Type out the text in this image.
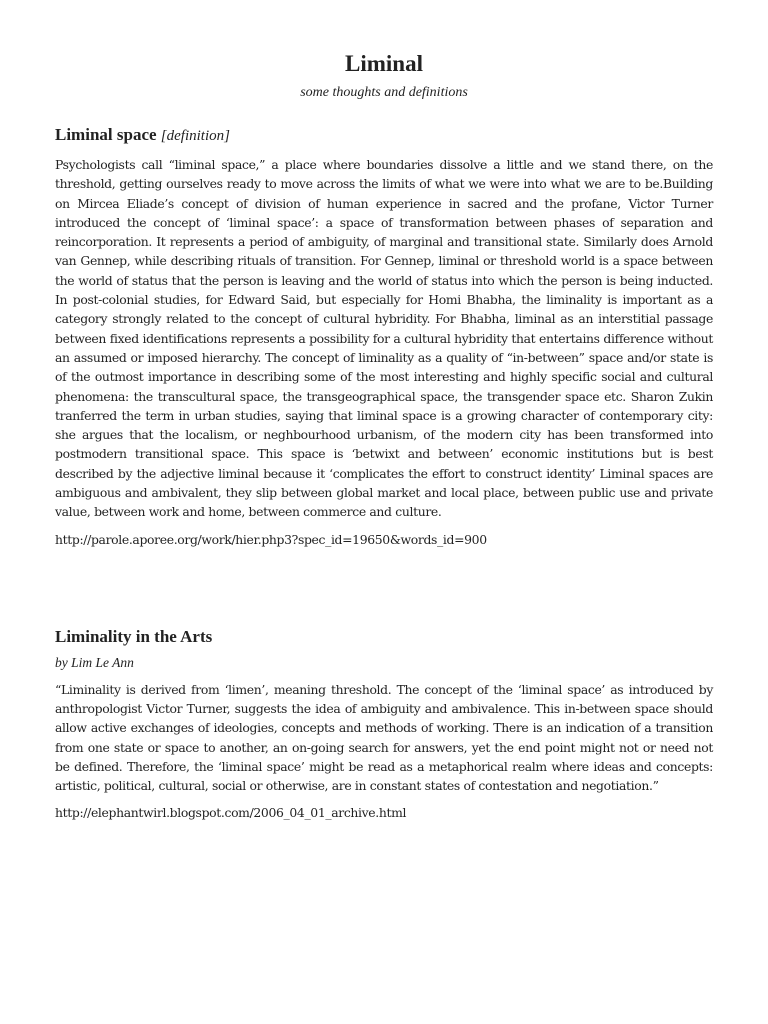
Liminal

some thoughts and definitions

Liminal space [definition]

Psychologists call “liminal space,” a place where boundaries dissolve a little and we stand there, on the threshold, getting ourselves ready to move across the limits of what we were into what we are to be.Building on Mircea Eliade’s concept of division of human experience in sacred and the profane, Victor Turner introduced the concept of ‘liminal space’: a space of transformation between phases of separation and reincorporation. It represents a period of ambiguity, of marginal and transitional state. Similarly does Arnold van Gennep, while describing rituals of transition. For Gennep, liminal or threshold world is a space between the world of status that the person is leaving and the world of status into which the person is being inducted. In post-colonial studies, for Edward Said, but especially for Homi Bhabha, the liminality is important as a category strongly related to the concept of cultural hybridity. For Bhabha, liminal as an interstitial passage between fixed identifications represents a possibility for a cultural hybridity that entertains difference without an assumed or imposed hierarchy. The concept of liminality as a quality of “in-between” space and/or state is of the outmost importance in describing some of the most interesting and highly specific social and cultural phenomena: the transcultural space, the transgeographical space, the transgender space etc. Sharon Zukin tranferred the term in urban studies, saying that liminal space is a growing character of contemporary city: she argues that the localism, or neghbourhood urbanism, of the modern city has been transformed into postmodern transitional space. This space is ‘betwixt and between’ economic institutions but is best described by the adjective liminal because it ‘complicates the effort to construct identity’ Liminal spaces are ambiguous and ambivalent, they slip between global market and local place, between public use and private value, between work and home, between commerce and culture.

http://parole.aporee.org/work/hier.php3?spec_id=19650&words_id=900

Liminality in the Arts

by Lim Le Ann

“Liminality is derived from ‘limen’, meaning threshold. The concept of the ‘liminal space’ as introduced by anthropologist Victor Turner, suggests the idea of ambiguity and ambivalence. This in-between space should allow active exchanges of ideologies, concepts and methods of working. There is an indication of a transition from one state or space to another, an on-going search for answers, yet the end point might not or need not be defined. Therefore, the ‘liminal space’ might be read as a metaphorical realm where ideas and concepts: artistic, political, cultural, social or otherwise, are in constant states of contestation and negotiation.”

http://elephantwirl.blogspot.com/2006_04_01_archive.html
